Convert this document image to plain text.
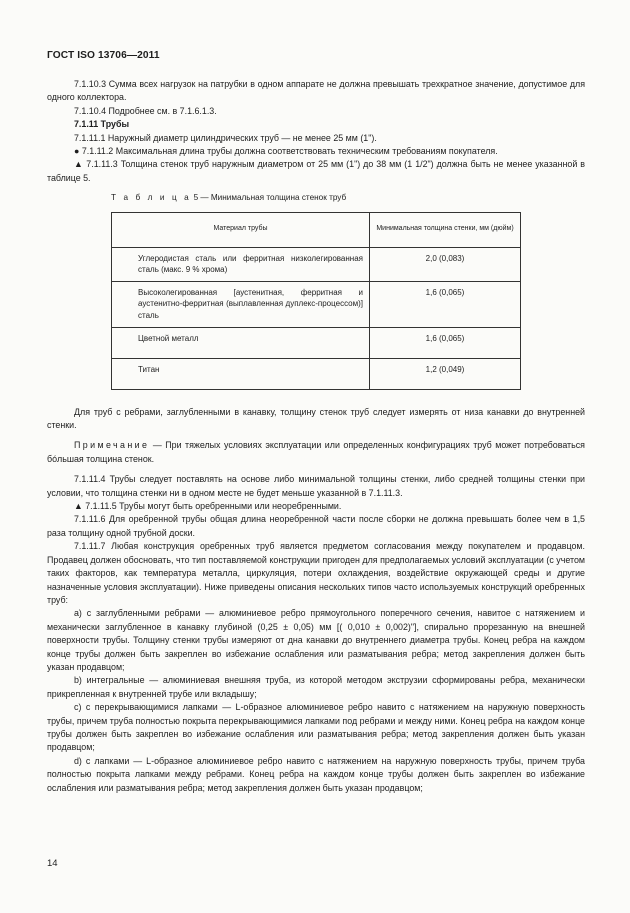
ГОСТ ISO 13706—2011

7.1.10.3 Сумма всех нагрузок на патрубки в одном аппарате не должна превышать трехкратное значение, допустимое для одного коллектора.

7.1.10.4 Подробнее см. в 7.1.6.1.3.

7.1.11 Трубы

7.1.11.1 Наружный диаметр цилиндрических труб — не менее 25 мм (1").

● 7.1.11.2 Максимальная длина трубы должна соответствовать техническим требованиям покупателя.

▲ 7.1.11.3 Толщина стенок труб наружным диаметром от 25 мм (1") до 38 мм (1 1/2") должна быть не менее указанной в таблице 5.

Т а б л и ц а 5 — Минимальная толщина стенок труб
Материал трубы	Минимальная толщина стенки, мм (дюйм)
Углеродистая сталь или ферритная низколегированная сталь (макс. 9 % хрома)	2,0 (0,083)
Высоколегированная [аустенитная, ферритная и аустенитно-ферритная (выплавленная дуплекс-процессом)] сталь	1,6 (0,065)
Цветной металл	1,6 (0,065)
Титан	1,2 (0,049)

Для труб с ребрами, заглубленными в канавку, толщину стенок труб следует измерять от низа канавки до внутренней стенки.

Примечание — При тяжелых условиях эксплуатации или определенных конфигурациях труб может потребоваться бóльшая толщина стенок.

7.1.11.4 Трубы следует поставлять на основе либо минимальной толщины стенки, либо средней толщины стенки при условии, что толщина стенки ни в одном месте не будет меньше указанной в 7.1.11.3.

▲ 7.1.11.5 Трубы могут быть оребренными или неоребренными.

7.1.11.6 Для оребренной трубы общая длина неоребренной части после сборки не должна превышать более чем в 1,5 раза толщину одной трубной доски.

7.1.11.7 Любая конструкция оребренных труб является предметом согласования между покупателем и продавцом. Продавец должен обосновать, что тип поставляемой конструкции пригоден для предполагаемых условий эксплуатации (с учетом таких факторов, как температура металла, циркуляция, потери охлаждения, воздействие окружающей среды и другие назначенные условия эксплуатации). Ниже приведены описания нескольких типов часто используемых конструкций оребренных труб:

a) с заглубленными ребрами — алюминиевое ребро прямоугольного поперечного сечения, навитое с натяжением и механически заглубленное в канавку глубиной (0,25 ± 0,05) мм [( 0,010 ± 0,002)"], спирально прорезанную на внешней поверхности трубы. Толщину стенки трубы измеряют от дна канавки до внутреннего диаметра трубы. Конец ребра на каждом конце трубы должен быть закреплен во избежание ослабления или разматывания ребра; метод закрепления должен быть указан продавцом;

b) интегральные — алюминиевая внешняя труба, из которой методом экструзии сформированы ребра, механически прикрепленная к внутренней трубе или вкладышу;

c) с перекрывающимися лапками — L-образное алюминиевое ребро навито с натяжением на наружную поверхность трубы, причем труба полностью покрыта перекрывающимися лапками под ребрами и между ними. Конец ребра на каждом конце трубы должен быть закреплен во избежание ослабления или разматывания ребра; метод закрепления должен быть указан продавцом;

d) с лапками — L-образное алюминиевое ребро навито с натяжением на наружную поверхность трубы, причем труба полностью покрыта лапками между ребрами. Конец ребра на каждом конце трубы должен быть закреплен во избежание ослабления или разматывания ребра; метод закрепления должен быть указан продавцом;

14
